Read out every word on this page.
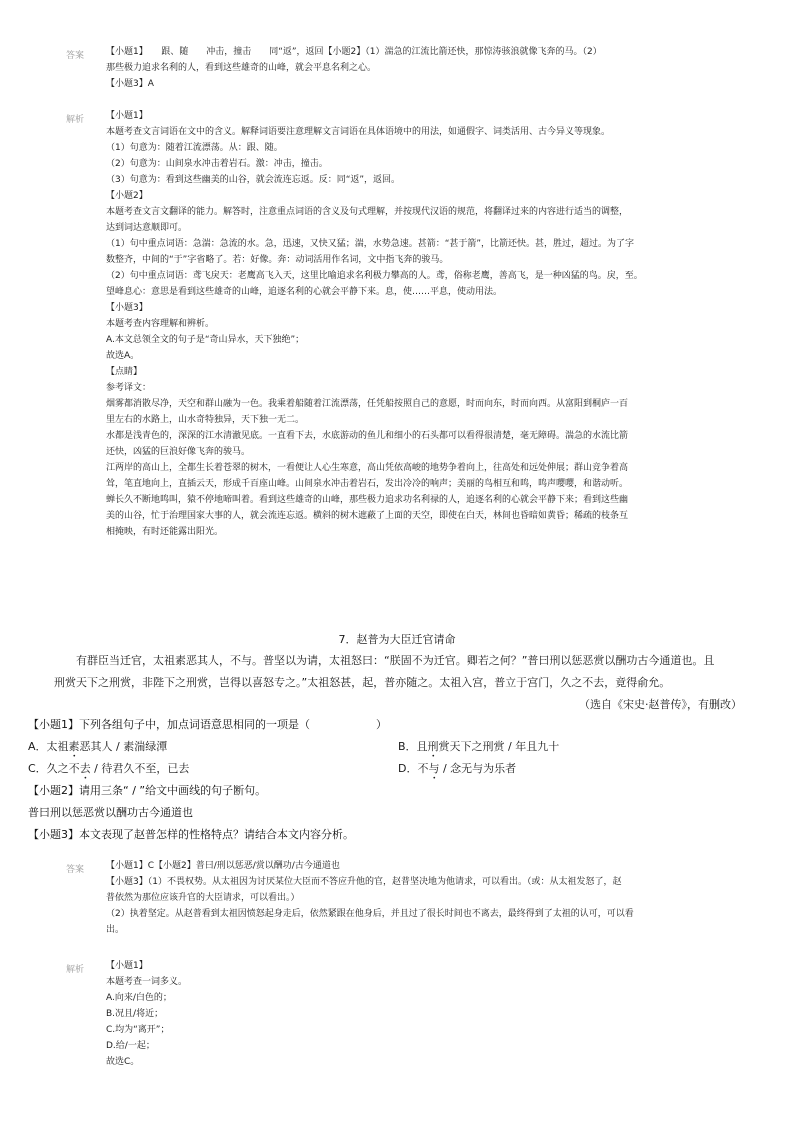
答案 【小题1】　　跟、随　　冲击，撞击　　同“返”，返回【小题2】（1）湍急的江流比箭还快，那惊涛骇浪就像飞奔的马。（2）
那些极力追求名利的人，看到这些雄奇的山峰，就会平息名利之心。
【小题3】A
解析 【小题1】
本题考查文言词语在文中的含义。解释词语要注意理解文言词语在具体语境中的用法，如通假字、词类活用、古今异义等现象。
（1）句意为：随着江流漂荡。从：跟、随。
（2）句意为：山间泉水冲击着岩石。激：冲击，撞击。
（3）句意为：看到这些幽美的山谷，就会流连忘返。反：同“返”，返回。
【小题2】
本题考查文言文翻译的能力。解答时，注意重点词语的含义及句式理解，并按现代汉语的规范，将翻译过来的内容进行适当的调整，
达到词达意顺即可。
（1）句中重点词语：急湍：急流的水。急，迅速，又快又猛；湍，水势急速。甚箭：“甚于箭”，比箭还快。甚，胜过，超过。为了字
数整齐，中间的“于”字省略了。若：好像。奔：动词活用作名词，文中指飞奔的骏马。
（2）句中重点词语：鸢飞戾天：老鹰高飞入天，这里比喻追求名利极力攀高的人。鸢，俗称老鹰，善高飞，是一种凶猛的鸟。戾，至。
望峰息心：意思是看到这些雄奇的山峰，追逐名利的心就会平静下来。息，使……平息，使动用法。
【小题3】
本题考查内容理解和辨析。
A.本文总领全文的句子是“奇山异水，天下独绝”；
故选A。
【点睛】
参考译文：
烟雾都消散尽净，天空和群山融为一色。我乘着船随着江流漂荡，任凭船按照自己的意愿，时而向东，时而向西。从富阳到桐庐一百
里左右的水路上，山水奇特独异，天下独一无二。
水都是浅青色的，深深的江水清澈见底。一直看下去，水底游动的鱼儿和细小的石头都可以看得很清楚，毫无障碍。湍急的水流比箭
还快，凶猛的巨浪好像飞奔的骏马。
江两岸的高山上，全都生长着苍翠的树木，一看便让人心生寒意，高山凭依高峻的地势争着向上，往高处和远处伸展；群山竞争着高
耸，笔直地向上，直插云天，形成千百座山峰。山间泉水冲击着岩石，发出冷冷的响声；美丽的鸟相互和鸣，鸣声嘤嘤，和谐动听。
蝉长久不断地鸣叫，猿不停地啼叫着。看到这些雄奇的山峰，那些极力追求功名利禄的人，追逐名利的心就会平静下来；看到这些幽
美的山谷，忙于治理国家大事的人，就会流连忘返。横斜的树木遮蔽了上面的天空，即使在白天，林间也昏暗如黄昏；稀疏的枝条互
相掩映，有时还能露出阳光。
7．赵普为大臣迁官请命
有群臣当迁官，太祖素恶其人，不与。普坚以为请，太祖怒曰：“朕固不为迁官。卿若之何？”普曰刑以惩恶赏以酬功古今通道也。且
刑赏天下之刑赏，非陛下之刑赏，岂得以喜怒专之。”太祖怒甚，起，普亦随之。太祖入宫，普立于宫门，久之不去，竟得俞允。
（选自《宋史·赵普传》，有删改）
【小题1】下列各组句子中，加点词语意思相同的一项是（　　　　　　）
A．太祖素恶其人 / 素湍绿潭	B．且刑赏天下之刑赏 / 年且九十
C．久之不去 / 待君久不至，已去	D．不与 / 念无与为乐者
【小题2】请用三条“ / ”给文中画线的句子断句。
普曰刑以惩恶赏以酬功古今通道也
【小题3】本文表现了赵普怎样的性格特点？请结合本文内容分析。
答案 【小题1】C【小题2】普曰/刑以惩恶/赏以酬功/古今通道也
【小题3】（1）不畏权势。从太祖因为讨厌某位大臣而不答应升他的官，赵普坚决地为他请求，可以看出。（或：从太祖发怒了，赵
普依然为那位应该升官的大臣请求，可以看出。）
（2）执着坚定。从赵普看到太祖因愤怒起身走后，依然紧跟在他身后，并且过了很长时间也不离去，最终得到了太祖的认可，可以看
出。
解析 【小题1】
本题考查一词多义。
A.向来/白色的；
B.况且/将近；
C.均为“离开”；
D.给/一起；
故选C。
